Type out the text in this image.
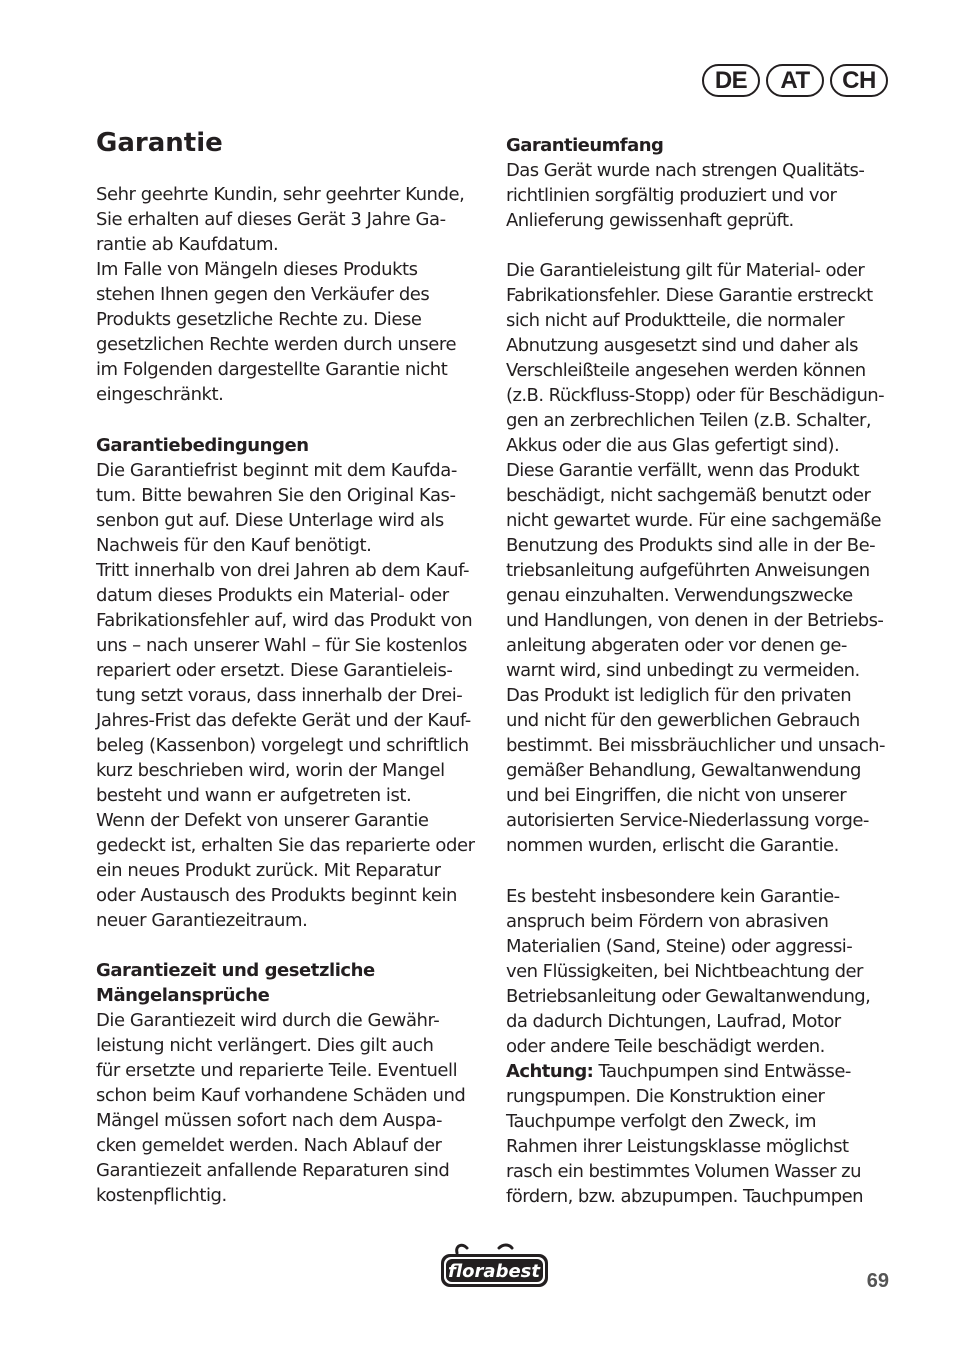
DE	AT	CH
Garantie
Sehr geehrte Kundin, sehr geehrter Kunde,
Sie erhalten auf dieses Gerät 3 Jahre Ga-
rantie ab Kaufdatum.
Im Falle von Mängeln dieses Produkts
stehen Ihnen gegen den Verkäufer des
Produkts gesetzliche Rechte zu. Diese
gesetzlichen Rechte werden durch unsere
im Folgenden dargestellte Garantie nicht
eingeschränkt.
Garantiebedingungen
Die Garantiefrist beginnt mit dem Kaufda-
tum. Bitte bewahren Sie den Original Kas-
senbon gut auf. Diese Unterlage wird als
Nachweis für den Kauf benötigt.
Tritt innerhalb von drei Jahren ab dem Kauf-
datum dieses Produkts ein Material- oder
Fabrikationsfehler auf, wird das Produkt von
uns – nach unserer Wahl – für Sie kostenlos
repariert oder ersetzt. Diese Garantieleis-
tung setzt voraus, dass innerhalb der Drei-
Jahres-Frist das defekte Gerät und der Kauf-
beleg (Kassenbon) vorgelegt und schriftlich
kurz beschrieben wird, worin der Mangel
besteht und wann er aufgetreten ist.
Wenn der Defekt von unserer Garantie
gedeckt ist, erhalten Sie das reparierte oder
ein neues Produkt zurück. Mit Reparatur
oder Austausch des Produkts beginnt kein
neuer Garantiezeitraum.
Garantiezeit und gesetzliche
Mängelansprüche
Die Garantiezeit wird durch die Gewähr-
leistung nicht verlängert. Dies gilt auch
für ersetzte und reparierte Teile. Eventuell
schon beim Kauf vorhandene Schäden und
Mängel müssen sofort nach dem Auspa-
cken gemeldet werden. Nach Ablauf der
Garantiezeit anfallende Reparaturen sind
kostenpflichtig.
Garantieumfang
Das Gerät wurde nach strengen Qualitäts-
richtlinien sorgfältig produziert und vor
Anlieferung gewissenhaft geprüft.
Die Garantieleistung gilt für Material- oder
Fabrikationsfehler. Diese Garantie erstreckt
sich nicht auf Produktteile, die normaler
Abnutzung ausgesetzt sind und daher als
Verschleißteile angesehen werden können
(z.B. Rückfluss-Stopp) oder für Beschädigun-
gen an zerbrechlichen Teilen (z.B. Schalter,
Akkus oder die aus Glas gefertigt sind).
Diese Garantie verfällt, wenn das Produkt
beschädigt, nicht sachgemäß benutzt oder
nicht gewartet wurde. Für eine sachgemäße
Benutzung des Produkts sind alle in der Be-
triebsanleitung aufgeführten Anweisungen
genau einzuhalten. Verwendungszwecke
und Handlungen, von denen in der Betriebs-
anleitung abgeraten oder vor denen ge-
warnt wird, sind unbedingt zu vermeiden.
Das Produkt ist lediglich für den privaten
und nicht für den gewerblichen Gebrauch
bestimmt. Bei missbräuchlicher und unsach-
gemäßer Behandlung, Gewaltanwendung
und bei Eingriffen, die nicht von unserer
autorisierten Service-Niederlassung vorge-
nommen wurden, erlischt die Garantie.
Es besteht insbesondere kein Garantie-
anspruch beim Fördern von abrasiven
Materialien (Sand, Steine) oder aggressi-
ven Flüssigkeiten, bei Nichtbeachtung der
Betriebsanleitung oder Gewaltanwendung,
da dadurch Dichtungen, Laufrad, Motor
oder andere Teile beschädigt werden.
Achtung: Tauchpumpen sind Entwässe-
rungspumpen. Die Konstruktion einer
Tauchpumpe verfolgt den Zweck, im
Rahmen ihrer Leistungsklasse möglichst
rasch ein bestimmtes Volumen Wasser zu
fördern, bzw. abzupumpen. Tauchpumpen
florabest	69
